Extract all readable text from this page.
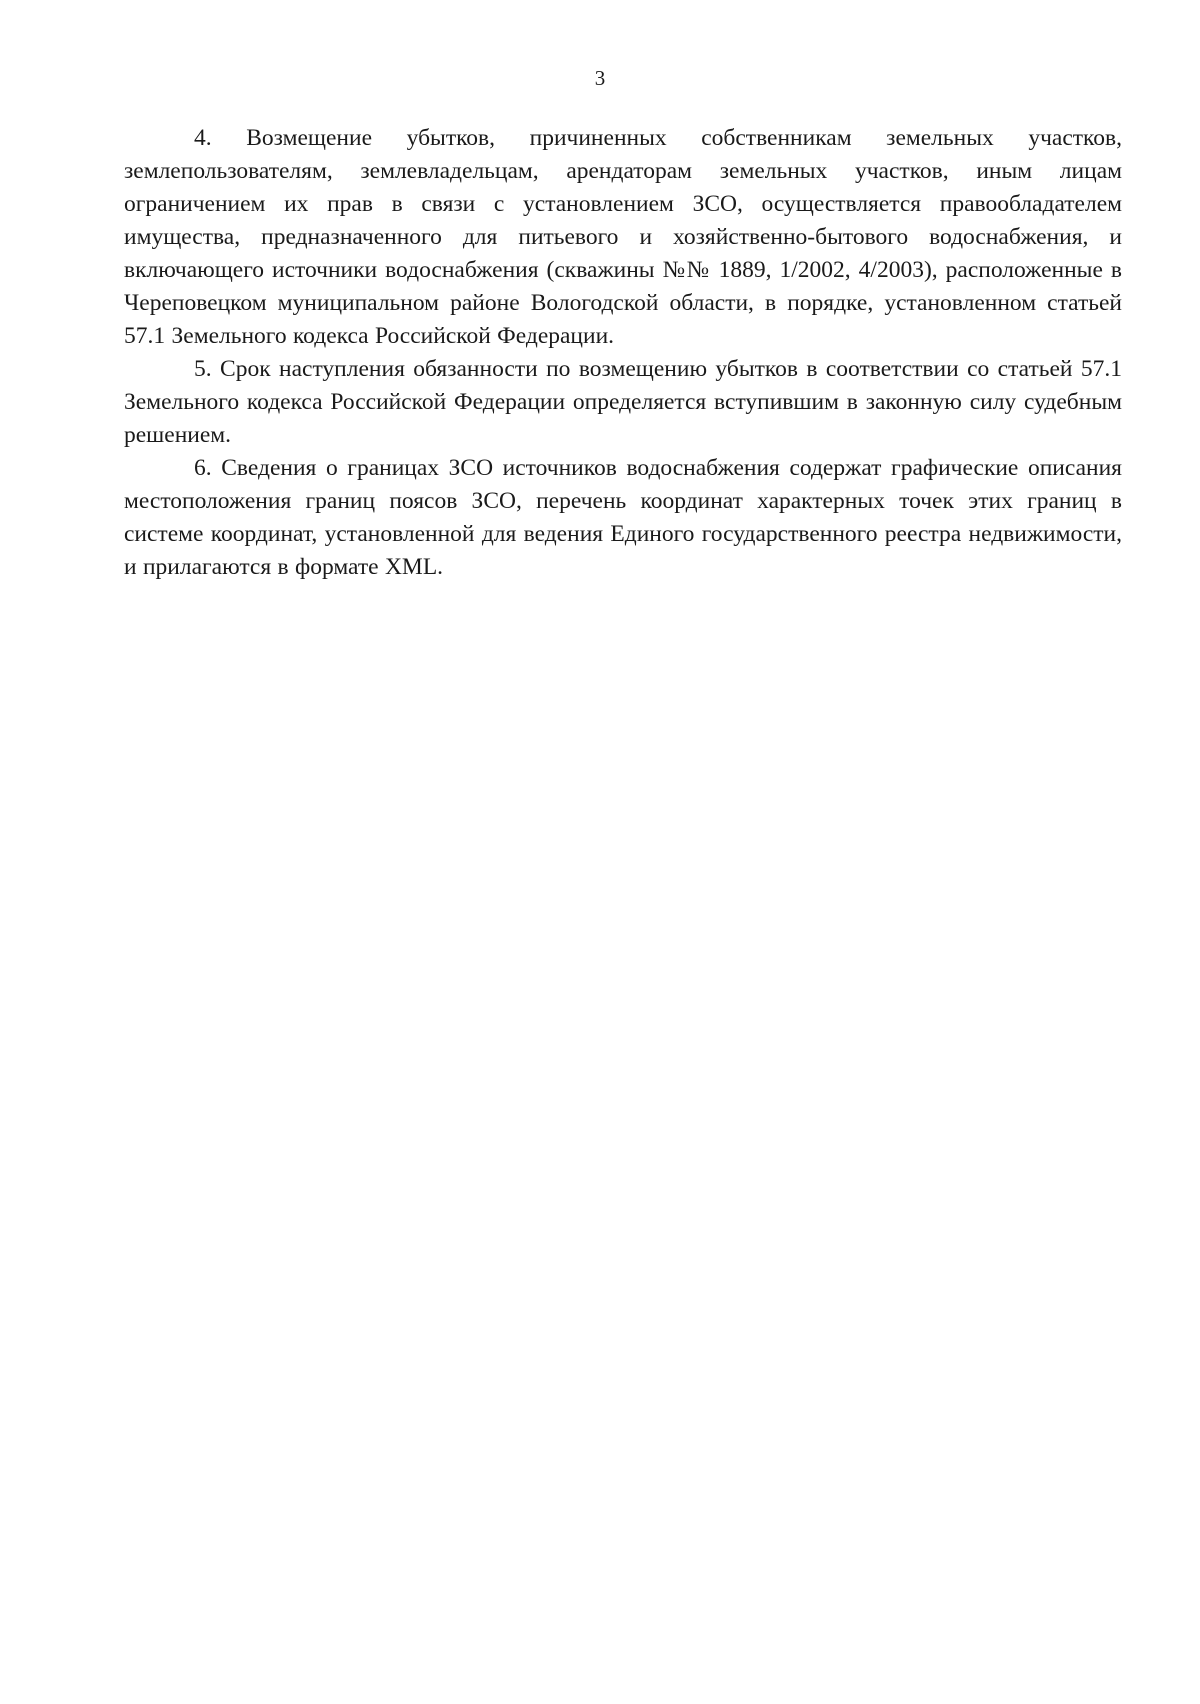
3

4. Возмещение убытков, причиненных собственникам земельных участков, землепользователям, землевладельцам, арендаторам земельных участков, иным лицам ограничением их прав в связи с установлением ЗСО, осуществляется правообладателем имущества, предназначенного для питьевого и хозяйственно-бытового водоснабжения, и включающего источники водоснабжения (скважины №№ 1889, 1/2002, 4/2003), расположенные в Череповецком муниципальном районе Вологодской области, в порядке, установленном статьей 57.1 Земельного кодекса Российской Федерации.

5. Срок наступления обязанности по возмещению убытков в соответствии со статьей 57.1 Земельного кодекса Российской Федерации определяется вступившим в законную силу судебным решением.

6. Сведения о границах ЗСО источников водоснабжения содержат графические описания местоположения границ поясов ЗСО, перечень координат характерных точек этих границ в системе координат, установленной для ведения Единого государственного реестра недвижимости, и прилагаются в формате XML.
